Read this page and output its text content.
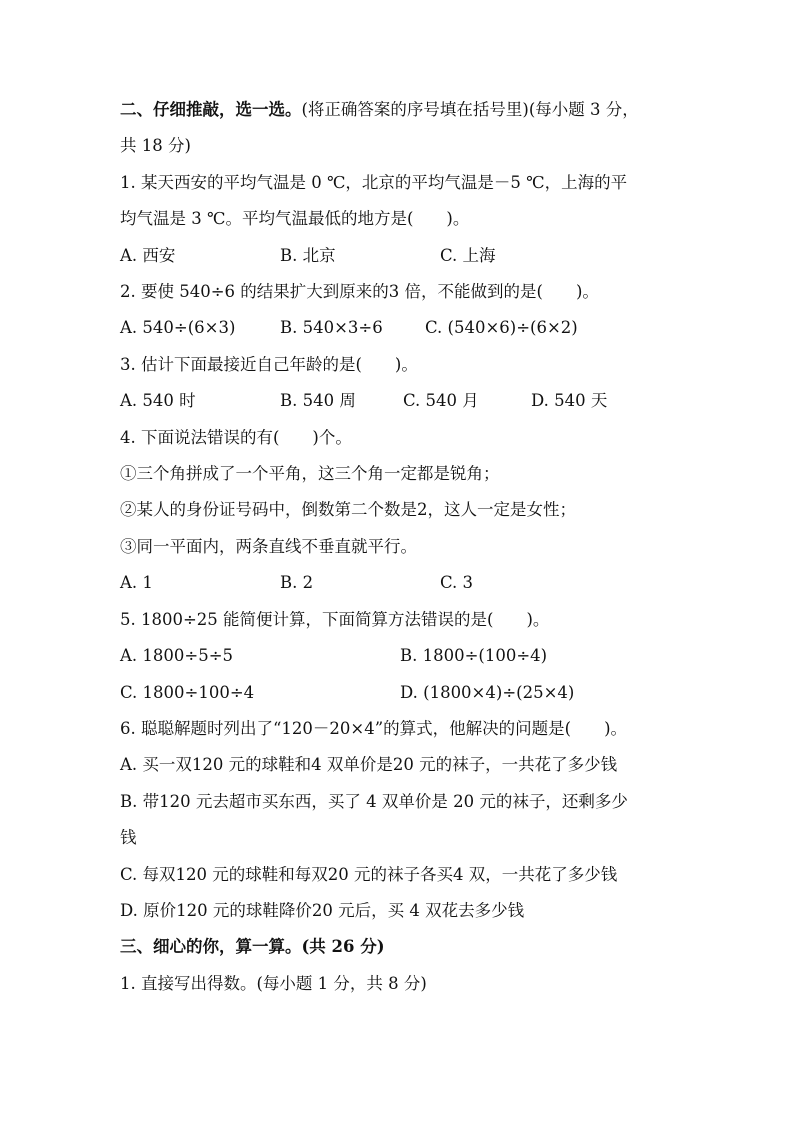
二、仔细推敲，选一选。(将正确答案的序号填在括号里)(每小题 3 分，
共 18 分)
1. 某天西安的平均气温是 0 ℃，北京的平均气温是－5 ℃，上海的平
均气温是 3 ℃。平均气温最低的地方是(　　)。
A. 西安	B. 北京	C. 上海
2. 要使 540÷6 的结果扩大到原来的3 倍，不能做到的是(　　)。
A. 540÷(6×3)	B. 540×3÷6	C. (540×6)÷(6×2)
3. 估计下面最接近自己年龄的是(　　)。
A. 540 时	B. 540 周	C. 540 月	D. 540 天
4. 下面说法错误的有(　　)个。
①三个角拼成了一个平角，这三个角一定都是锐角；
②某人的身份证号码中，倒数第二个数是2，这人一定是女性；
③同一平面内，两条直线不垂直就平行。
A. 1	B. 2	C. 3
5. 1800÷25 能简便计算，下面简算方法错误的是(　　)。
A. 1800÷5÷5	B. 1800÷(100÷4)
C. 1800÷100÷4	D. (1800×4)÷(25×4)
6. 聪聪解题时列出了“120－20×4”的算式，他解决的问题是(　　)。
A. 买一双120 元的球鞋和4 双单价是20 元的袜子，一共花了多少钱
B. 带120 元去超市买东西，买了 4 双单价是 20 元的袜子，还剩多少
钱
C. 每双120 元的球鞋和每双20 元的袜子各买4 双，一共花了多少钱
D. 原价120 元的球鞋降价20 元后，买 4 双花去多少钱
三、细心的你，算一算。(共 26 分)
1. 直接写出得数。(每小题 1 分，共 8 分)
